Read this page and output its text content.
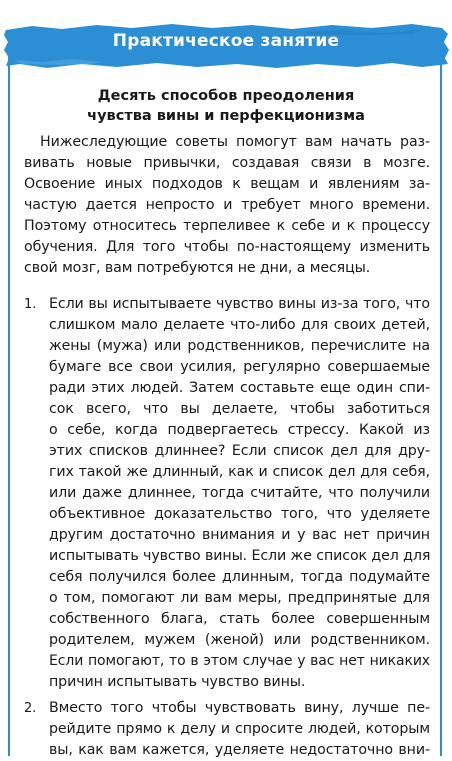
Практическое занятие
Десять способов преодоления
чувства вины и перфекционизма
Нижеследующие советы помогут вам начать раз-
вивать новые привычки, создавая связи в мозге.
Освоение иных подходов к вещам и явлениям за-
частую дается непросто и требует много времени.
Поэтому относитесь терпеливее к себе и к процессу
обучения. Для того чтобы по-настоящему изменить
свой мозг, вам потребуются не дни, а месяцы.
1. Если вы испытываете чувство вины из-за того, что
слишком мало делаете что-либо для своих детей,
жены (мужа) или родственников, перечислите на
бумаге все свои усилия, регулярно совершаемые
ради этих людей. Затем составьте еще один спи-
сок всего, что вы делаете, чтобы заботиться
о себе, когда подвергаетесь стрессу. Какой из
этих списков длиннее? Если список дел для дру-
гих такой же длинный, как и список дел для себя,
или даже длиннее, тогда считайте, что получили
объективное доказательство того, что уделяете
другим достаточно внимания и у вас нет причин
испытывать чувство вины. Если же список дел для
себя получился более длинным, тогда подумайте
о том, помогают ли вам меры, предпринятые для
собственного блага, стать более совершенным
родителем, мужем (женой) или родственником.
Если помогают, то в этом случае у вас нет никаких
причин испытывать чувство вины.
2. Вместо того чтобы чувствовать вину, лучше пе-
рейдите прямо к делу и спросите людей, которым
вы, как вам кажется, уделяете недостаточно вни-
